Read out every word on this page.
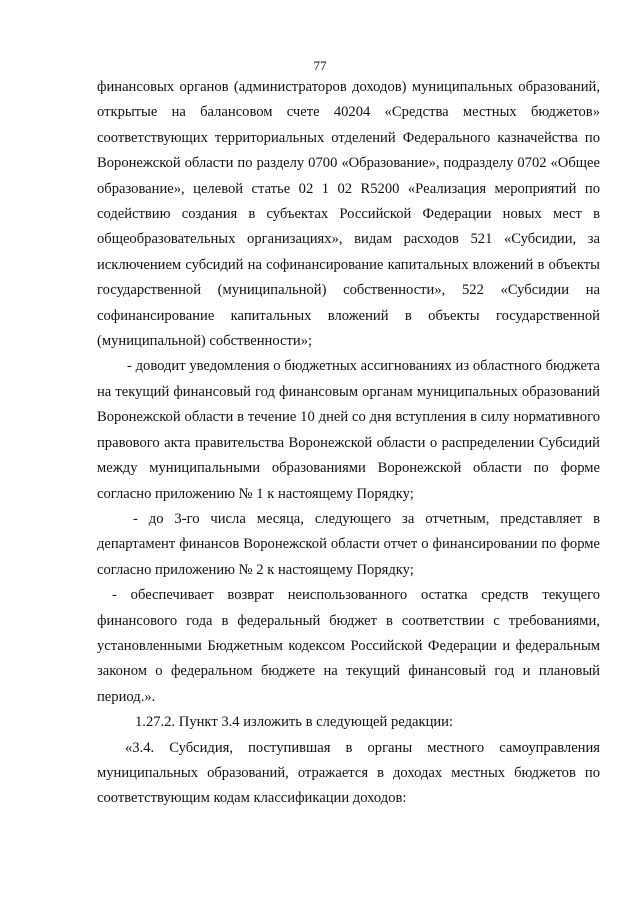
77

финансовых органов (администраторов доходов) муниципальных образований, открытые на балансовом счете 40204 «Средства местных бюджетов» соответствующих территориальных отделений Федерального казначейства по Воронежской области по разделу 0700 «Образование», подразделу 0702 «Общее образование», целевой статье 02 1 02 R5200 «Реализация мероприятий по содействию создания в субъектах Российской Федерации новых мест в общеобразовательных организациях», видам расходов 521 «Субсидии, за исключением субсидий на софинансирование капитальных вложений в объекты государственной (муниципальной) собственности», 522 «Субсидии на софинансирование капитальных вложений в объекты государственной (муниципальной) собственности»;

- доводит уведомления о бюджетных ассигнованиях из областного бюджета на текущий финансовый год финансовым органам муниципальных образований Воронежской области в течение 10 дней со дня вступления в силу нормативного правового акта правительства Воронежской области о распределении Субсидий между муниципальными образованиями Воронежской области по форме согласно приложению № 1 к настоящему Порядку;

- до 3-го числа месяца, следующего за отчетным, представляет в департамент финансов Воронежской области отчет о финансировании по форме согласно приложению № 2 к настоящему Порядку;

- обеспечивает возврат неиспользованного остатка средств текущего финансового года в федеральный бюджет в соответствии с требованиями, установленными Бюджетным кодексом Российской Федерации и федеральным законом о федеральном бюджете на текущий финансовый год и плановый период.».

1.27.2. Пункт 3.4 изложить в следующей редакции:

«3.4. Субсидия, поступившая в органы местного самоуправления муниципальных образований, отражается в доходах местных бюджетов по соответствующим кодам классификации доходов:
